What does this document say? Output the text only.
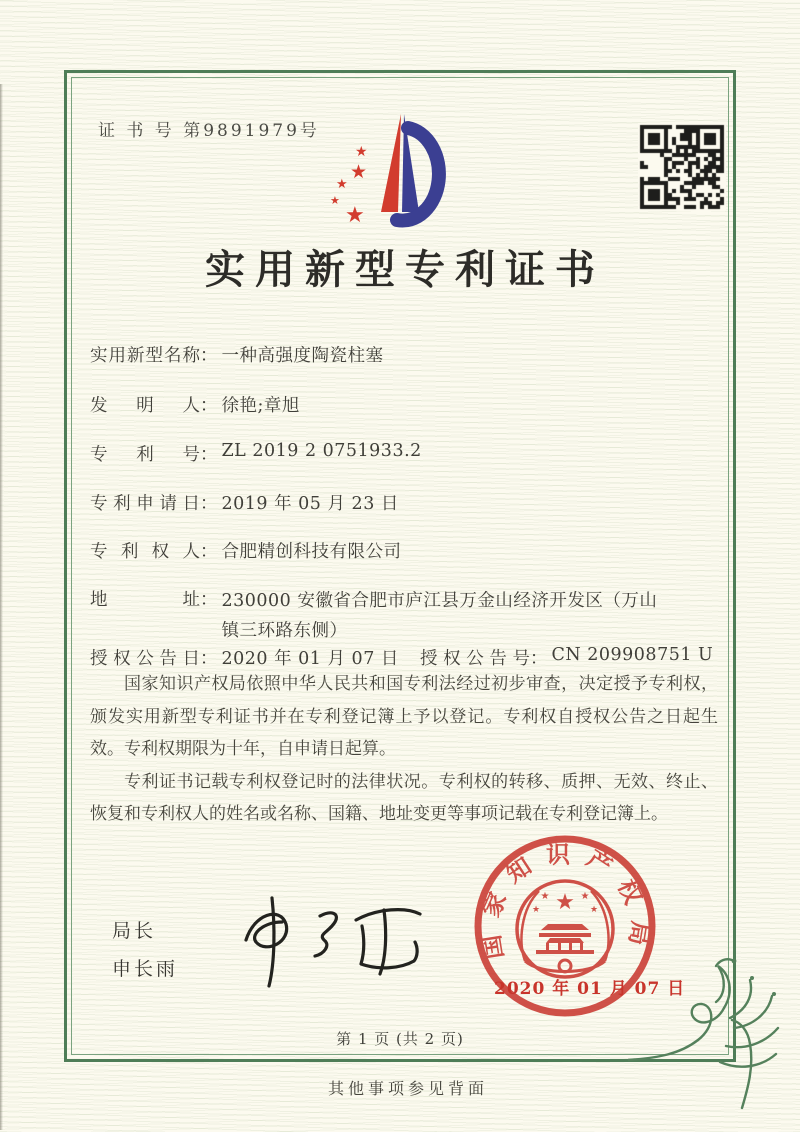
证 书 号 第9891979号
★
★
★
★
★
实用新型专利证书
实用新型名称： 一种高强度陶瓷柱塞
发明人： 徐艳;章旭
专利号： ZL 2019 2 0751933.2
专利申请日： 2019 年 05 月 23 日
专利权人： 合肥精创科技有限公司
地址： 230000 安徽省合肥市庐江县万金山经济开发区（万山镇三环路东侧）
授权公告日： 2020 年 01 月 07 日 授权公告号： CN 209908751 U

国家知识产权局依照中华人民共和国专利法经过初步审查，决定授予专利权，颁发实用新型专利证书并在专利登记簿上予以登记。专利权自授权公告之日起生效。专利权期限为十年，自申请日起算。

专利证书记载专利权登记时的法律状况。专利权的转移、质押、无效、终止、恢复和专利权人的姓名或名称、国籍、地址变更等事项记载在专利登记簿上。

局长
申长雨
国家知识产权局
★
★	★
★	★
2020 年 01 月 07 日
第 1 页 (共 2 页)
其他事项参见背面
